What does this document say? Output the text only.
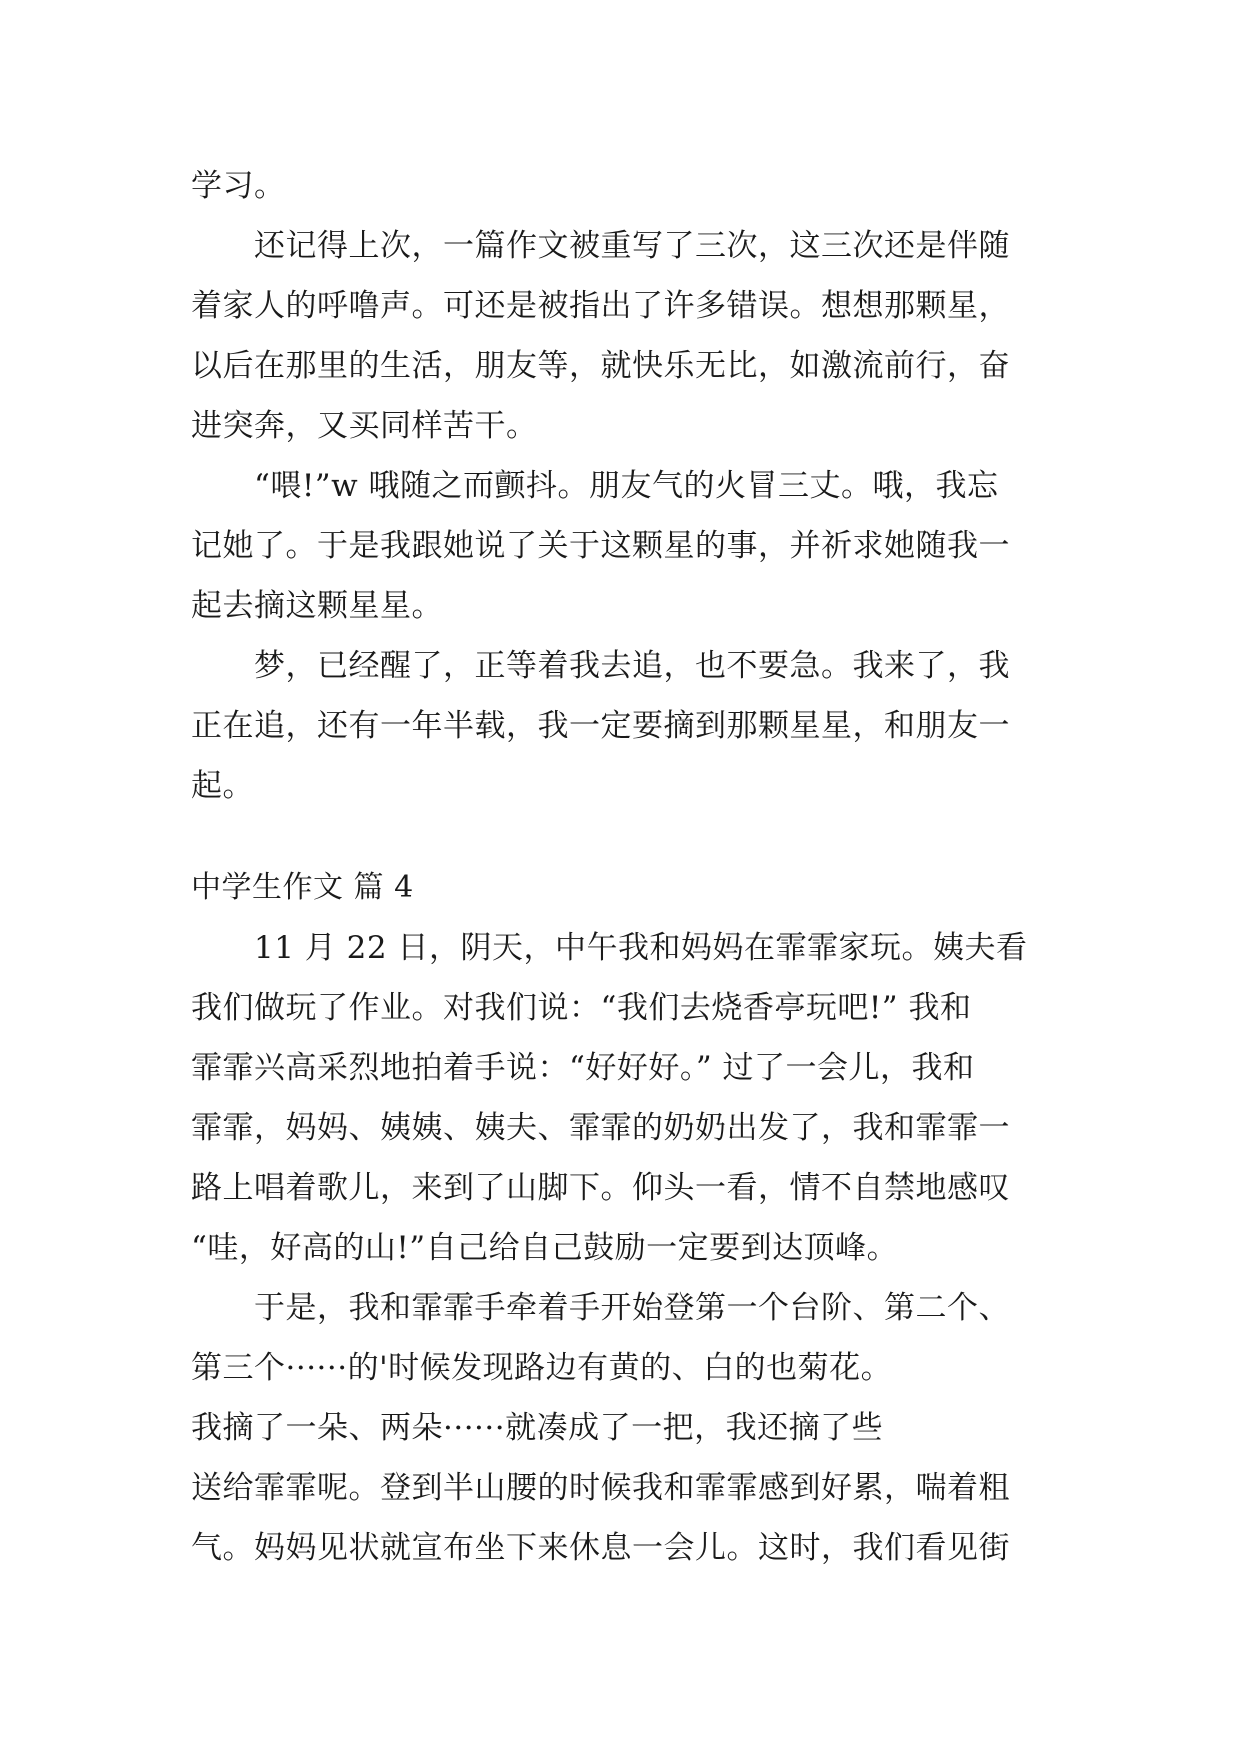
学习。
还记得上次，一篇作文被重写了三次，这三次还是伴随
着家人的呼噜声。可还是被指出了许多错误。想想那颗星，
以后在那里的生活，朋友等，就快乐无比，如激流前行，奋
进突奔，又买同样苦干。
“喂!”w 哦随之而颤抖。朋友气的火冒三丈。哦，我忘
记她了。于是我跟她说了关于这颗星的事，并祈求她随我一
起去摘这颗星星。
梦，已经醒了，正等着我去追，也不要急。我来了，我
正在追，还有一年半载，我一定要摘到那颗星星，和朋友一
起。
中学生作文 篇 4
11 月 22 日，阴天，中午我和妈妈在霏霏家玩。姨夫看
我们做玩了作业。对我们说：“我们去烧香亭玩吧!” 我和
霏霏兴高采烈地拍着手说：“好好好。” 过了一会儿，我和
霏霏，妈妈、姨姨、姨夫、霏霏的奶奶出发了，我和霏霏一
路上唱着歌儿，来到了山脚下。仰头一看，情不自禁地感叹
“哇，好高的山!”自己给自己鼓励一定要到达顶峰。
于是，我和霏霏手牵着手开始登第一个台阶、第二个、
第三个······的'时候发现路边有黄的、白的也菊花。
我摘了一朵、两朵······就凑成了一把，我还摘了些
送给霏霏呢。登到半山腰的时候我和霏霏感到好累，喘着粗
气。妈妈见状就宣布坐下来休息一会儿。这时，我们看见街
